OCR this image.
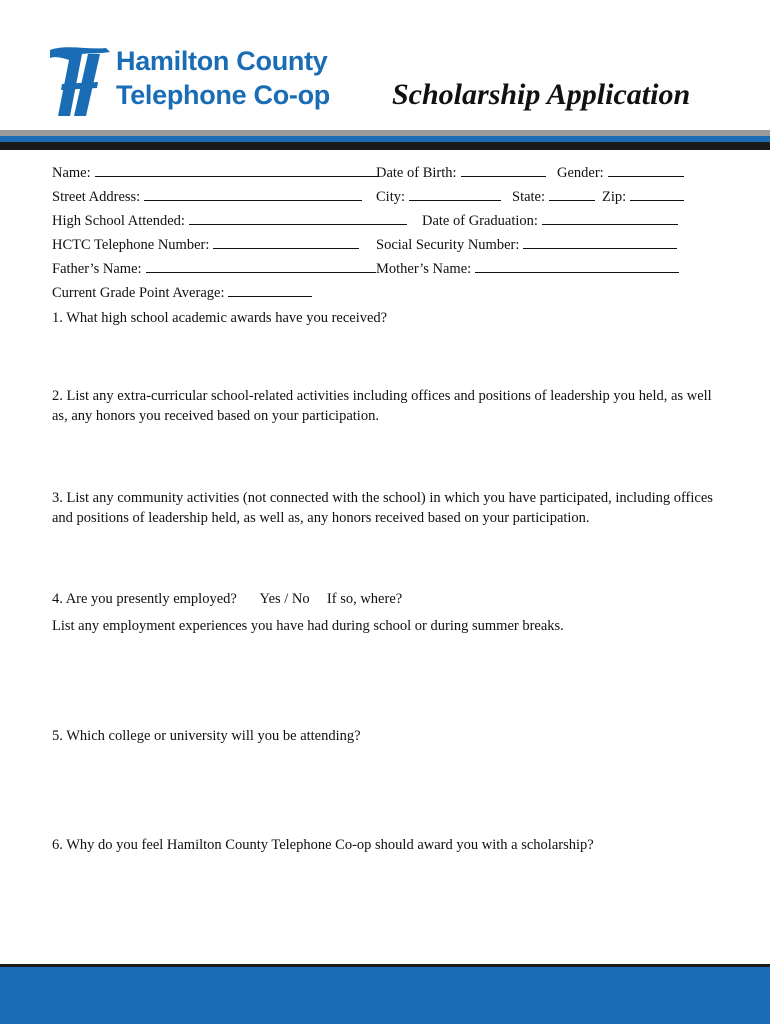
Hamilton County
Telephone Co-op Scholarship Application
Name:	Date of Birth:	Gender:
Street Address:	City:	State:	Zip:
High School Attended:	Date of Graduation:
HCTC Telephone Number:	Social Security Number:
Father’s Name:	Mother’s Name:
Current Grade Point Average:
1. What high school academic awards have you received?
2. List any extra-curricular school-related activities including offices and positions of leadership you held, as well as, any honors you received based on your participation.
3. List any community activities (not connected with the school) in which you have participated, including offices and positions of leadership held, as well as, any honors received based on your participation.
4. Are you presently employed? Yes / No If so, where?
List any employment experiences you have had during school or during summer breaks.
5. Which college or university will you be attending?
6. Why do you feel Hamilton County Telephone Co-op should award you with a scholarship?
